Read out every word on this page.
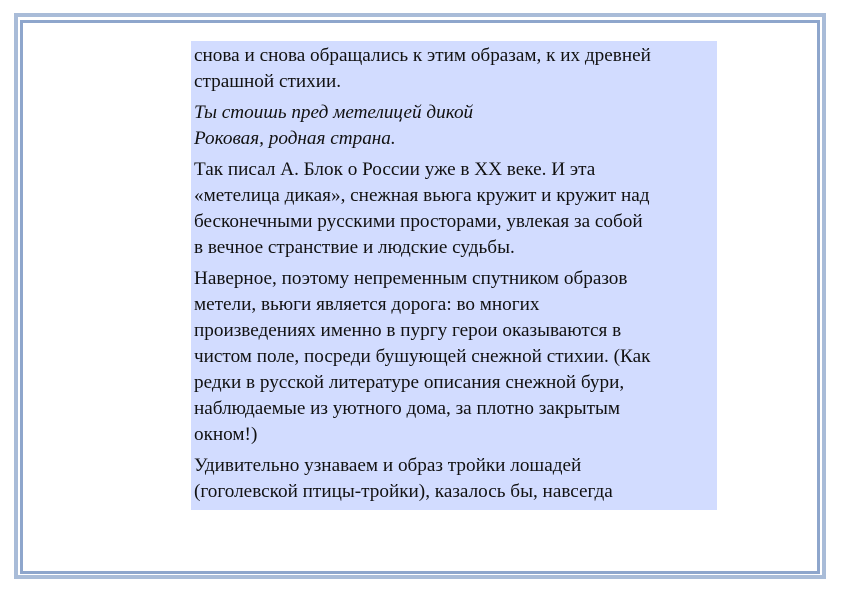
снова и снова обращались к этим образам, к их древней
страшной стихии.

Ты стоишь пред метелицей дикой
Роковая, родная страна.

Так писал А. Блок о России уже в ХХ веке. И эта
«метелица дикая», снежная вьюга кружит и кружит над
бесконечными русскими просторами, увлекая за собой
в вечное странствие и людские судьбы.

Наверное, поэтому непременным спутником образов
метели, вьюги является дорога: во многих
произведениях именно в пургу герои оказываются в
чистом поле, посреди бушующей снежной стихии. (Как
редки в русской литературе описания снежной бури,
наблюдаемые из уютного дома, за плотно закрытым
окном!)

Удивительно узнаваем и образ тройки лошадей
(гоголевской птицы-тройки), казалось бы, навсегда
